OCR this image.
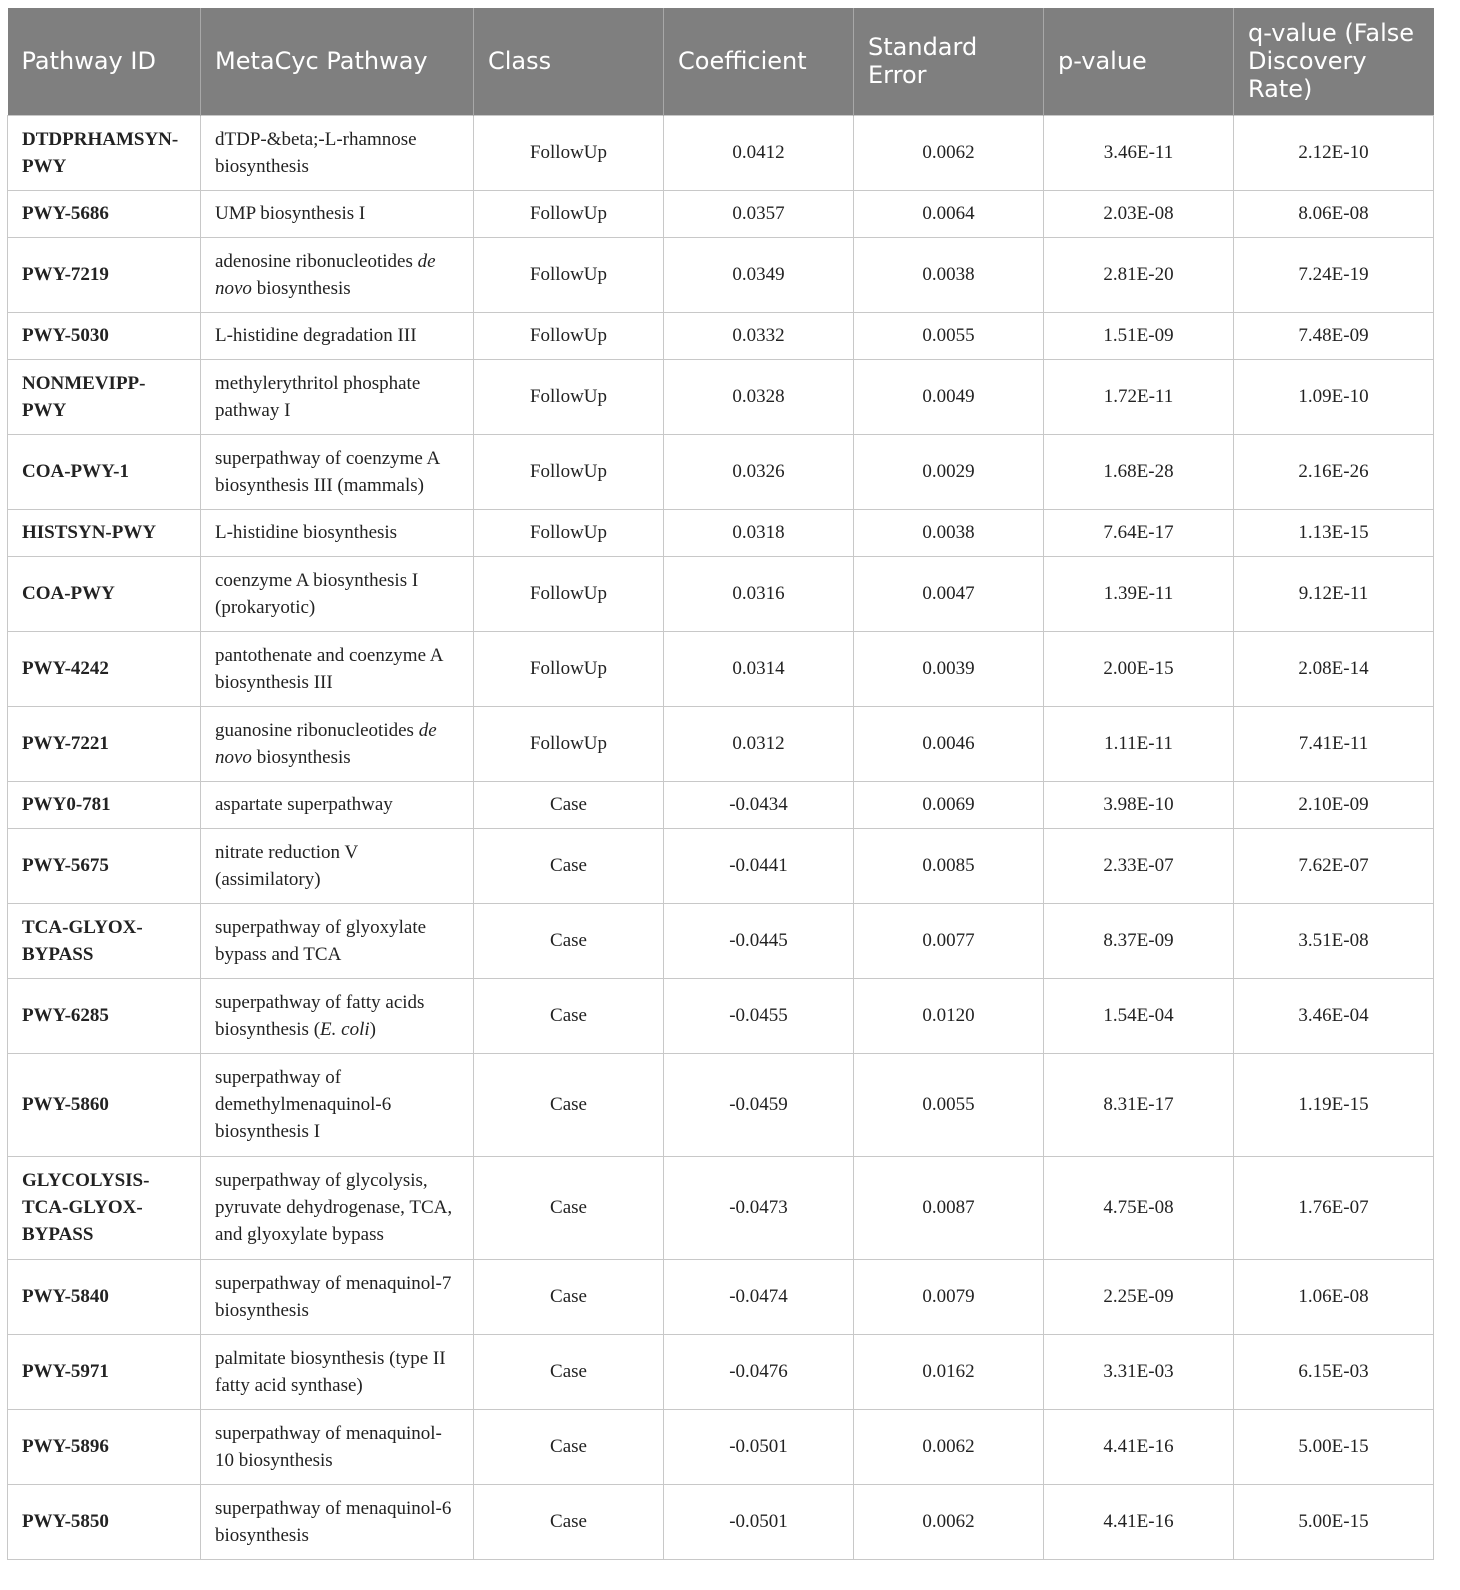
Pathway ID	MetaCyc Pathway	Class	Coefficient	Standard Error	p-value	q-value (False Discovery Rate)
DTDPRHAMSYN-PWY	dTDP-&beta;-L-rhamnose biosynthesis	FollowUp	0.0412	0.0062	3.46E-11	2.12E-10
PWY-5686	UMP biosynthesis I	FollowUp	0.0357	0.0064	2.03E-08	8.06E-08
PWY-7219	adenosine ribonucleotides de novo biosynthesis	FollowUp	0.0349	0.0038	2.81E-20	7.24E-19
PWY-5030	L-histidine degradation III	FollowUp	0.0332	0.0055	1.51E-09	7.48E-09
NONMEVIPP-PWY	methylerythritol phosphate pathway I	FollowUp	0.0328	0.0049	1.72E-11	1.09E-10
COA-PWY-1	superpathway of coenzyme A biosynthesis III (mammals)	FollowUp	0.0326	0.0029	1.68E-28	2.16E-26
HISTSYN-PWY	L-histidine biosynthesis	FollowUp	0.0318	0.0038	7.64E-17	1.13E-15
COA-PWY	coenzyme A biosynthesis I (prokaryotic)	FollowUp	0.0316	0.0047	1.39E-11	9.12E-11
PWY-4242	pantothenate and coenzyme A biosynthesis III	FollowUp	0.0314	0.0039	2.00E-15	2.08E-14
PWY-7221	guanosine ribonucleotides de novo biosynthesis	FollowUp	0.0312	0.0046	1.11E-11	7.41E-11
PWY0-781	aspartate superpathway	Case	-0.0434	0.0069	3.98E-10	2.10E-09
PWY-5675	nitrate reduction V (assimilatory)	Case	-0.0441	0.0085	2.33E-07	7.62E-07
TCA-GLYOX-BYPASS	superpathway of glyoxylate bypass and TCA	Case	-0.0445	0.0077	8.37E-09	3.51E-08
PWY-6285	superpathway of fatty acids biosynthesis (E. coli)	Case	-0.0455	0.0120	1.54E-04	3.46E-04
PWY-5860	superpathway of demethylmenaquinol-6 biosynthesis I	Case	-0.0459	0.0055	8.31E-17	1.19E-15
GLYCOLYSIS-TCA-GLYOX-BYPASS	superpathway of glycolysis, pyruvate dehydrogenase, TCA, and glyoxylate bypass	Case	-0.0473	0.0087	4.75E-08	1.76E-07
PWY-5840	superpathway of menaquinol-7 biosynthesis	Case	-0.0474	0.0079	2.25E-09	1.06E-08
PWY-5971	palmitate biosynthesis (type II fatty acid synthase)	Case	-0.0476	0.0162	3.31E-03	6.15E-03
PWY-5896	superpathway of menaquinol-10 biosynthesis	Case	-0.0501	0.0062	4.41E-16	5.00E-15
PWY-5850	superpathway of menaquinol-6 biosynthesis	Case	-0.0501	0.0062	4.41E-16	5.00E-15
